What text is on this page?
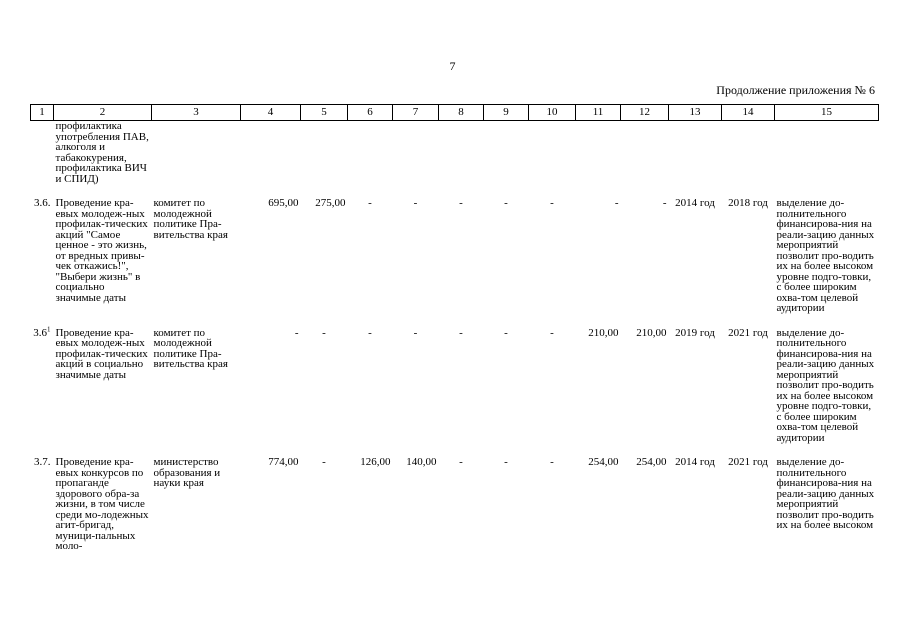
7
Продолжение приложения № 6
1	2	3	4	5	6	7	8	9	10	11	12	13	14	15

	профилактика употребления ПАВ, алкоголя и табакокурения, профилактика ВИЧ и СПИД)													

3.6.	Проведение кра-евых молодеж-ных профилак-тических акций "Самое ценное - это жизнь, от вредных привы-чек откажись!", "Выбери жизнь" в социально значимые даты	комитет по молодежной политике Пра-вительства края	695,00	275,00	-	-	-	-	-	-	-	2014 год	2018 год	выделение до-полнительного финансирова-ния на реали-зацию данных мероприятий позволит про-водить их на более высоком уровне подго-товки, с более широким охва-том целевой аудитории

$3.6^1$	Проведение кра-евых молодеж-ных профилак-тических акций в социально значимые даты	комитет по молодежной политике Пра-вительства края	-	-	-	-	-	-	-	210,00	210,00	2019 год	2021 год	выделение до-полнительного финансирова-ния на реали-зацию данных мероприятий позволит про-водить их на более высоком уровне подго-товки, с более широким охва-том целевой аудитории

3.7.	Проведение кра-евых конкурсов по пропаганде здорового обра-за жизни, в том числе среди мо-лодежных агит-бригад, муници-пальных моло-	министерство образования и науки края	774,00	-	126,00	140,00	-	-	-	254,00	254,00	2014 год	2021 год	выделение до-полнительного финансирова-ния на реали-зацию данных мероприятий позволит про-водить их на более высоком
